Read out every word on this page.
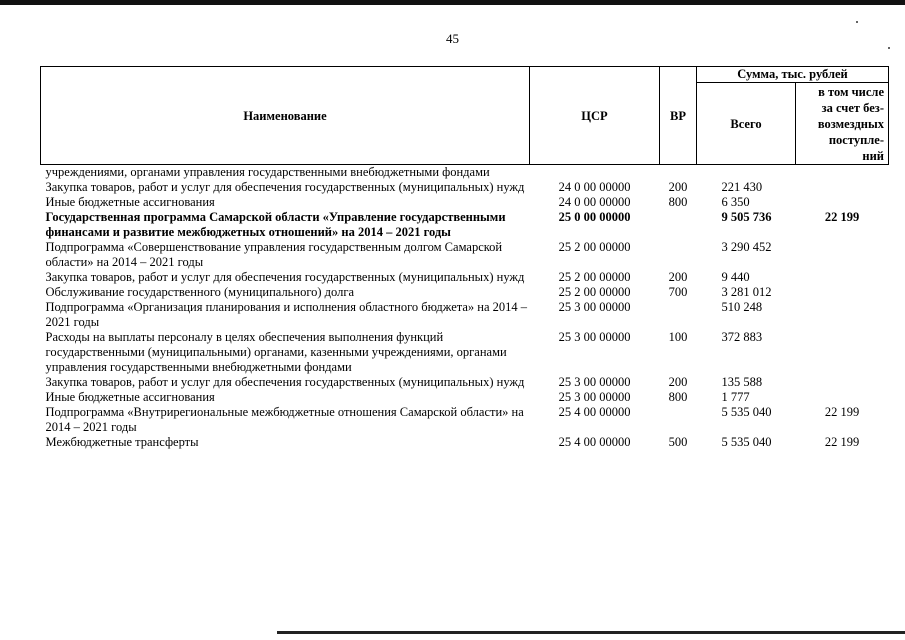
45
Наименование	ЦСР	ВР	Сумма, тыс. рублей	
			Всего	в том числе
за счет без-
возмездных
поступле-
ний
учреждениями, органами управления государственными внебюджетными фондами				
Закупка товаров, работ и услуг для обеспечения государственных (муниципальных) нужд	24 0 00 00000	200	221 430	
Иные бюджетные ассигнования	24 0 00 00000	800	6 350	
Государственная программа Самарской области «Управление государственными финансами и развитие межбюджетных отношений» на 2014 – 2021 годы	25 0 00 00000		9 505 736	22 199
Подпрограмма «Совершенствование управления государственным долгом Самарской области» на 2014 – 2021 годы	25 2 00 00000		3 290 452	
Закупка товаров, работ и услуг для обеспечения государственных (муниципальных) нужд	25 2 00 00000	200	9 440	
Обслуживание государственного (муниципального) долга	25 2 00 00000	700	3 281 012	
Подпрограмма «Организация планирования и исполнения областного бюджета» на 2014 – 2021 годы	25 3 00 00000		510 248	
Расходы на выплаты персоналу в целях обеспечения выполнения функций государственными (муниципальными) органами, казенными учреждениями, органами управления государственными внебюджетными фондами	25 3 00 00000	100	372 883	
Закупка товаров, работ и услуг для обеспечения государственных (муниципальных) нужд	25 3 00 00000	200	135 588	
Иные бюджетные ассигнования	25 3 00 00000	800	1 777	
Подпрограмма «Внутрирегиональные межбюджетные отношения Самарской области» на 2014 – 2021 годы	25 4 00 00000		5 535 040	22 199
Межбюджетные трансферты	25 4 00 00000	500	5 535 040	22 199
